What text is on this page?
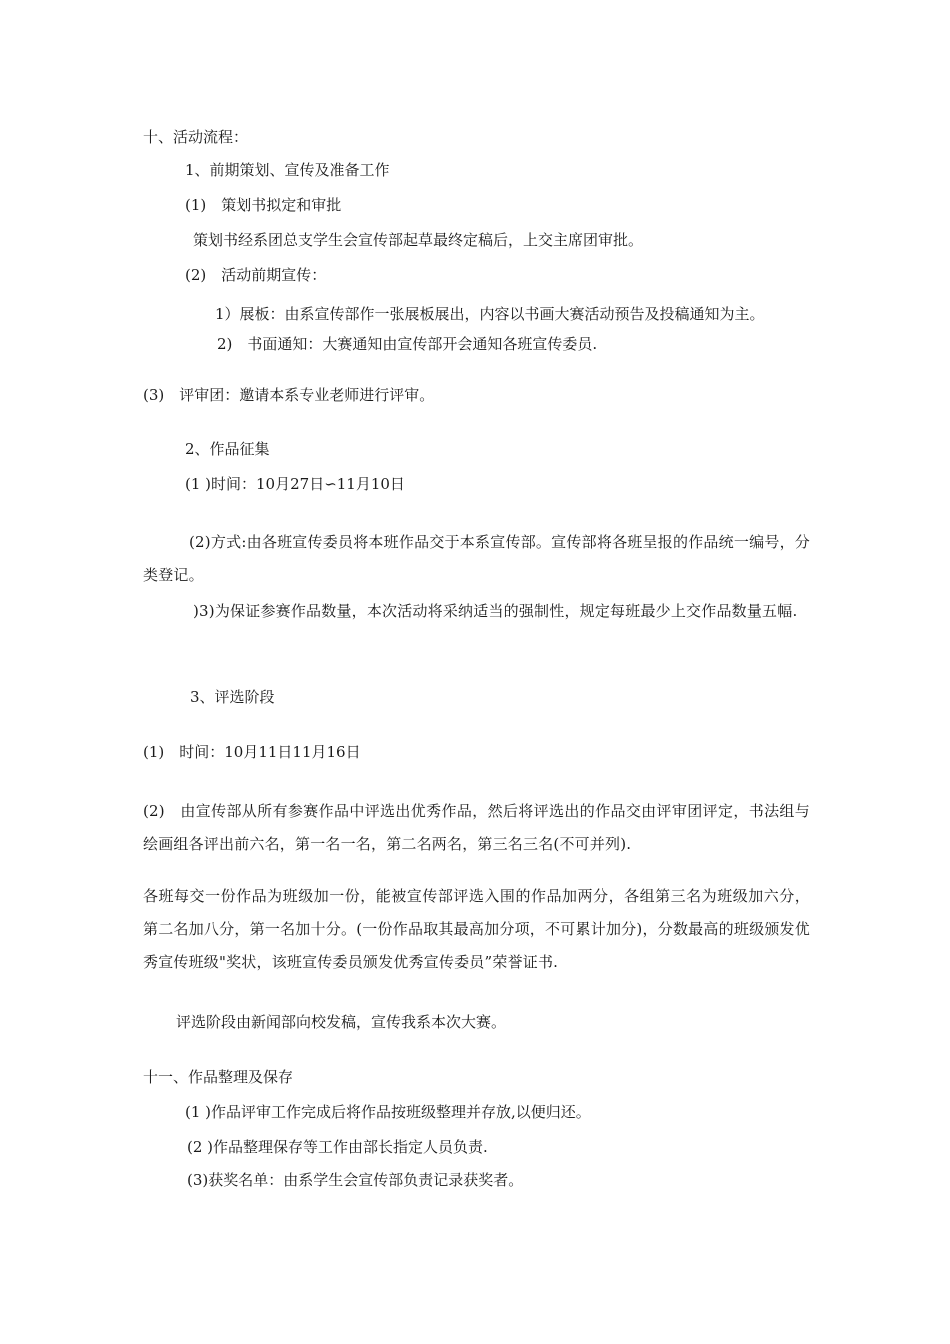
十、活动流程：

1、前期策划、宣传及准备工作

(1)　策划书拟定和审批

策划书经系团总支学生会宣传部起草最终定稿后，上交主席团审批。

(2)　活动前期宣传：

1）展板：由系宣传部作一张展板展出，内容以书画大赛活动预告及投稿通知为主。

2)　书面通知：大赛通知由宣传部开会通知各班宣传委员.

(3)　评审团：邀请本系专业老师进行评审。

2、作品征集

(1 )时间：10月27日∽11月10日

(2)方式:由各班宣传委员将本班作品交于本系宣传部。宣传部将各班呈报的作品统一编号，分类登记。

)3)为保证参赛作品数量，本次活动将采纳适当的强制性，规定每班最少上交作品数量五幅.

3、评选阶段

(1)　时间：10月11日11月16日

(2)　由宣传部从所有参赛作品中评选出优秀作品，然后将评选出的作品交由评审团评定，书法组与绘画组各评出前六名，第一名一名，第二名两名，第三名三名(不可并列).

各班每交一份作品为班级加一份，能被宣传部评选入围的作品加两分，各组第三名为班级加六分，第二名加八分，第一名加十分。(一份作品取其最高加分项，不可累计加分)，分数最高的班级颁发优秀宣传班级"奖状，该班宣传委员颁发优秀宣传委员”荣誉证书.

评选阶段由新闻部向校发稿，宣传我系本次大赛。

十一、作品整理及保存

(1 )作品评审工作完成后将作品按班级整理并存放,以便归还。

(2 )作品整理保存等工作由部长指定人员负责.

(3)获奖名单：由系学生会宣传部负责记录获奖者。
